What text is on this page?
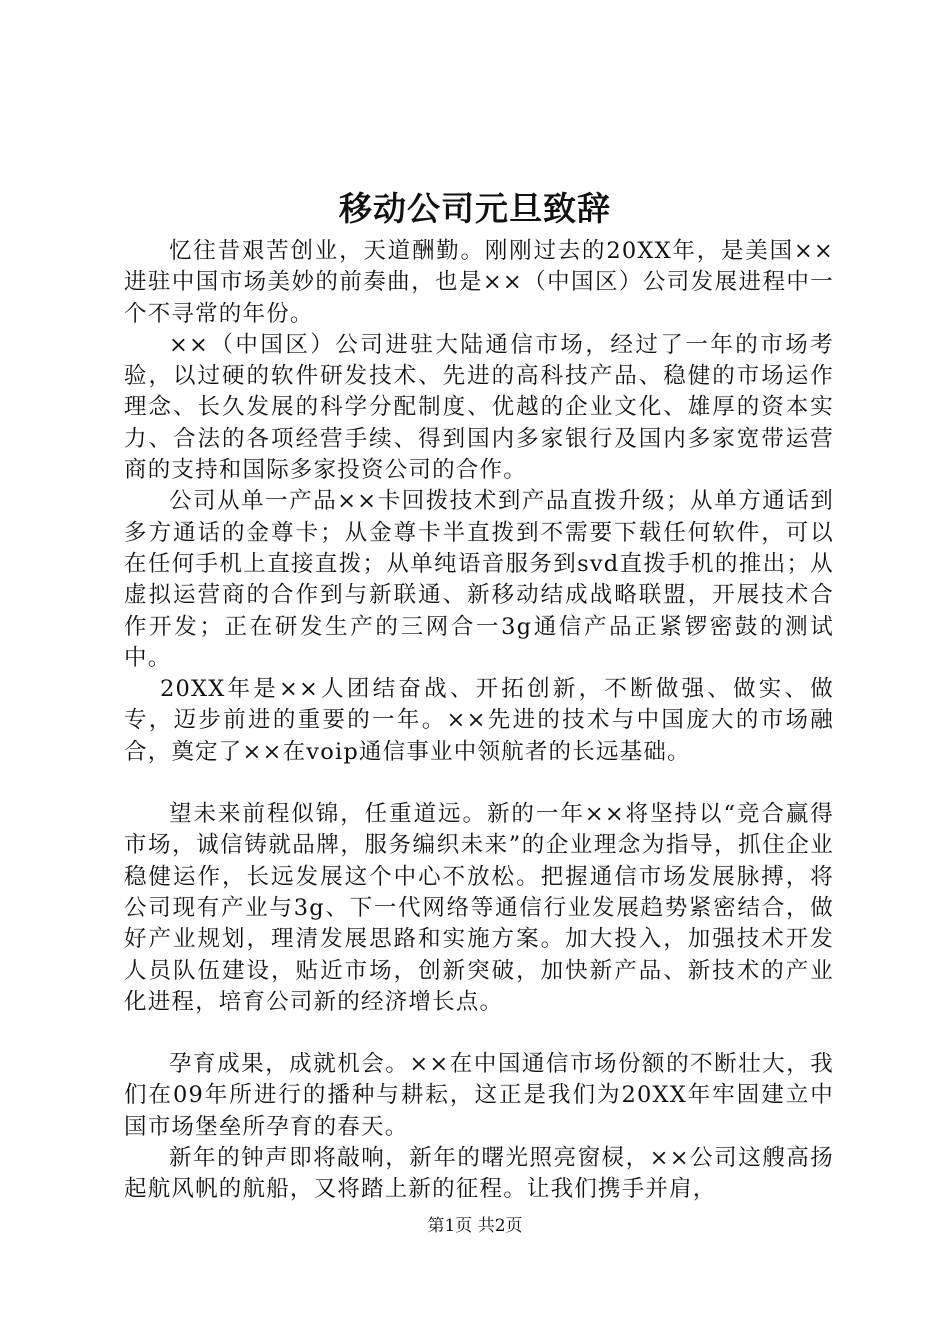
移动公司元旦致辞

忆往昔艰苦创业，天道酬勤。刚刚过去的20XX年，是美国××进驻中国市场美妙的前奏曲，也是××（中国区）公司发展进程中一个不寻常的年份。

××（中国区）公司进驻大陆通信市场，经过了一年的市场考验，以过硬的软件研发技术、先进的高科技产品、稳健的市场运作理念、长久发展的科学分配制度、优越的企业文化、雄厚的资本实力、合法的各项经营手续、得到国内多家银行及国内多家宽带运营商的支持和国际多家投资公司的合作。

公司从单一产品××卡回拨技术到产品直拨升级；从单方通话到多方通话的金尊卡；从金尊卡半直拨到不需要下载任何软件，可以在任何手机上直接直拨；从单纯语音服务到svd直拨手机的推出；从虚拟运营商的合作到与新联通、新移动结成战略联盟，开展技术合作开发；正在研发生产的三网合一3g通信产品正紧锣密鼓的测试中。

20XX年是××人团结奋战、开拓创新，不断做强、做实、做专，迈步前进的重要的一年。××先进的技术与中国庞大的市场融合，奠定了××在voip通信事业中领航者的长远基础。

望未来前程似锦，任重道远。新的一年××将坚持以“竞合赢得市场，诚信铸就品牌，服务编织未来”的企业理念为指导，抓住企业稳健运作，长远发展这个中心不放松。把握通信市场发展脉搏，将公司现有产业与3g、下一代网络等通信行业发展趋势紧密结合，做好产业规划，理清发展思路和实施方案。加大投入，加强技术开发人员队伍建设，贴近市场，创新突破，加快新产品、新技术的产业化进程，培育公司新的经济增长点。

孕育成果，成就机会。××在中国通信市场份额的不断壮大，我们在09年所进行的播种与耕耘，这正是我们为20XX年牢固建立中国市场堡垒所孕育的春天。

新年的钟声即将敲响，新年的曙光照亮窗棂，××公司这艘高扬起航风帆的航船，又将踏上新的征程。让我们携手并肩，

第1页 共2页
